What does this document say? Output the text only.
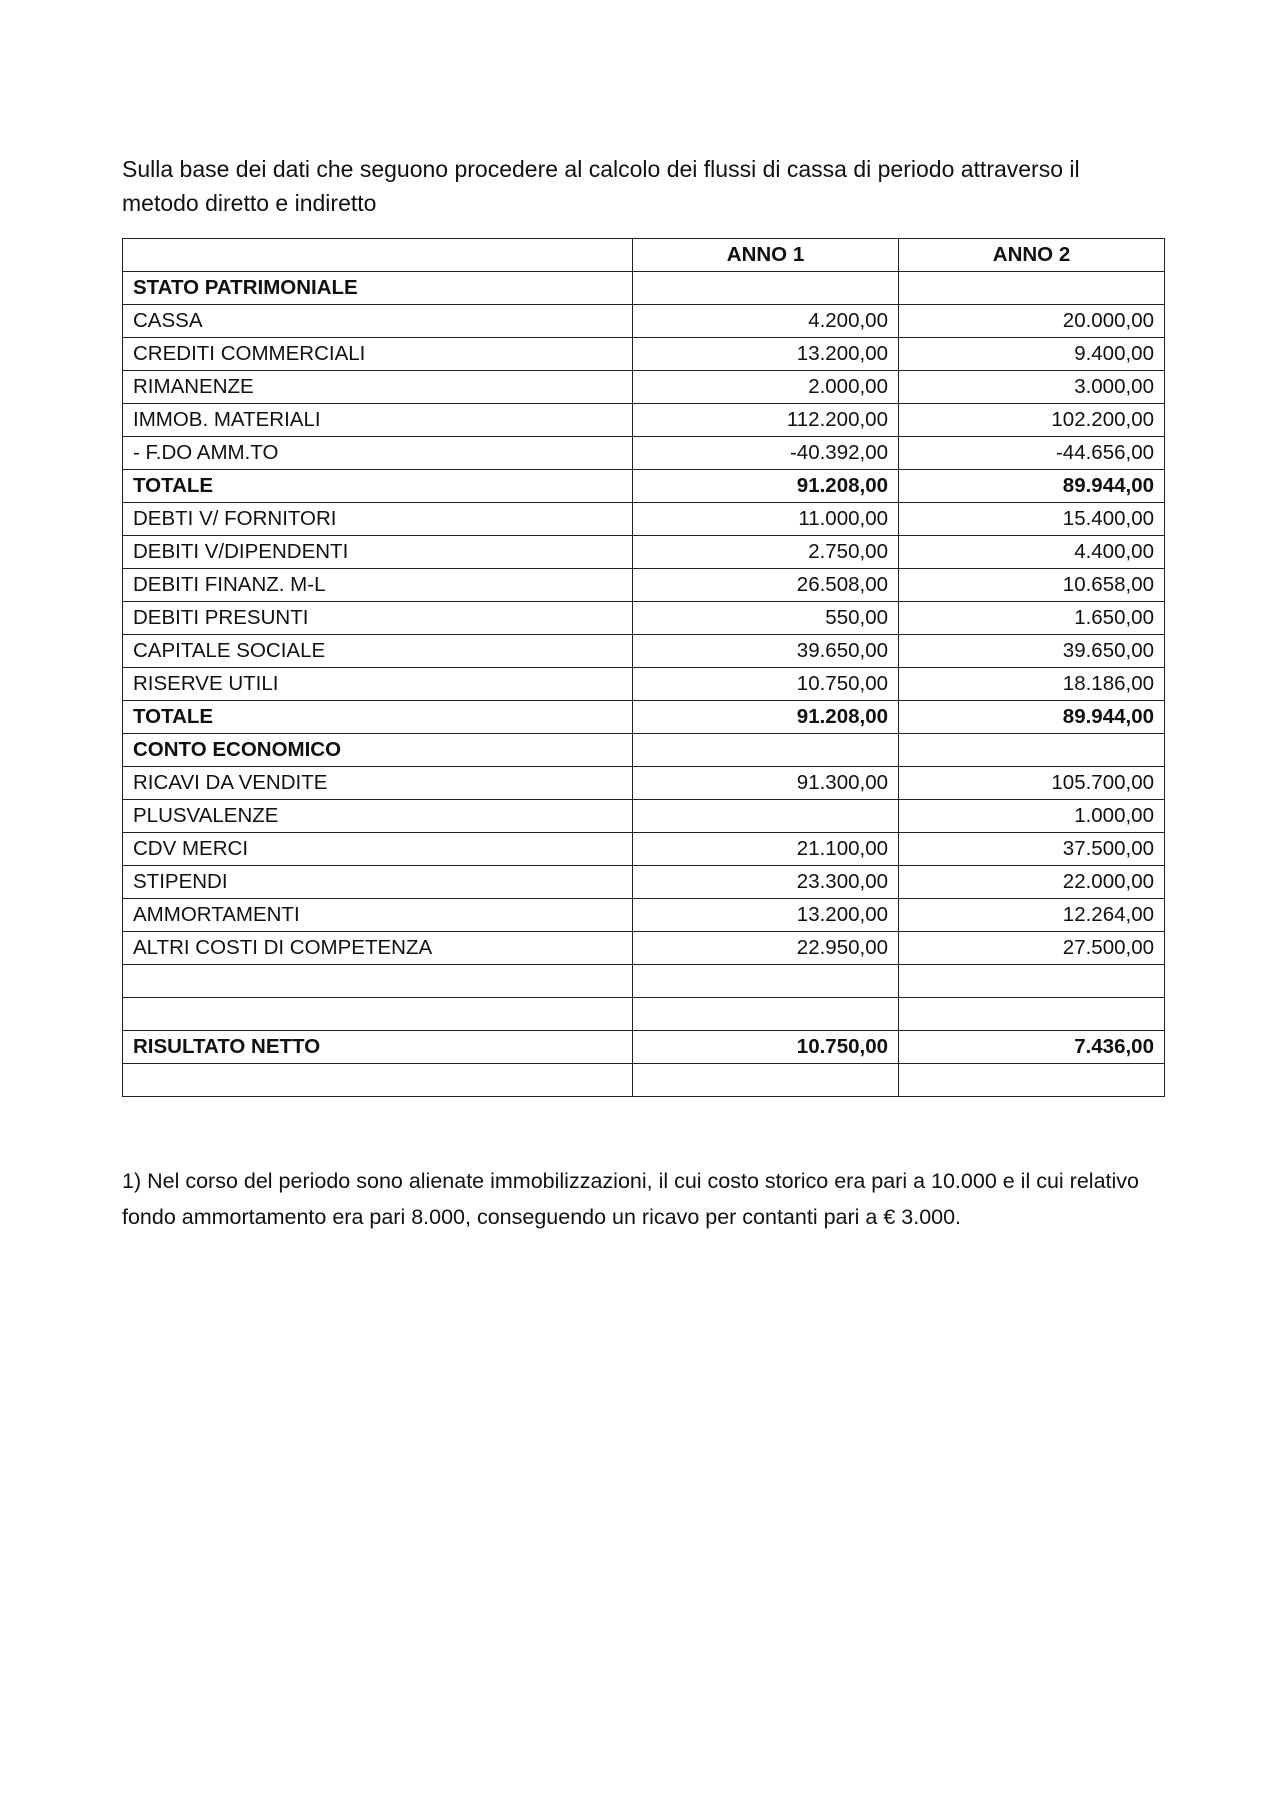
Sulla base dei dati che seguono procedere al calcolo dei flussi di cassa di periodo attraverso il metodo diretto e indiretto

	ANNO 1	ANNO 2
STATO PATRIMONIALE		
CASSA	4.200,00	20.000,00
CREDITI COMMERCIALI	13.200,00	9.400,00
RIMANENZE	2.000,00	3.000,00
IMMOB. MATERIALI	112.200,00	102.200,00
- F.DO AMM.TO	-40.392,00	-44.656,00
TOTALE	91.208,00	89.944,00
DEBTI V/ FORNITORI	11.000,00	15.400,00
DEBITI V/DIPENDENTI	2.750,00	4.400,00
DEBITI FINANZ. M-L	26.508,00	10.658,00
DEBITI PRESUNTI	550,00	1.650,00
CAPITALE SOCIALE	39.650,00	39.650,00
RISERVE UTILI	10.750,00	18.186,00
TOTALE	91.208,00	89.944,00
CONTO ECONOMICO		
RICAVI DA VENDITE	91.300,00	105.700,00
PLUSVALENZE		1.000,00
CDV MERCI	21.100,00	37.500,00
STIPENDI	23.300,00	22.000,00
AMMORTAMENTI	13.200,00	12.264,00
ALTRI COSTI DI COMPETENZA	22.950,00	27.500,00

RISULTATO NETTO	10.750,00	7.436,00

1) Nel corso del periodo sono alienate immobilizzazioni, il cui costo storico era pari a 10.000 e il cui relativo fondo ammortamento era pari 8.000, conseguendo un ricavo per contanti pari a € 3.000.
